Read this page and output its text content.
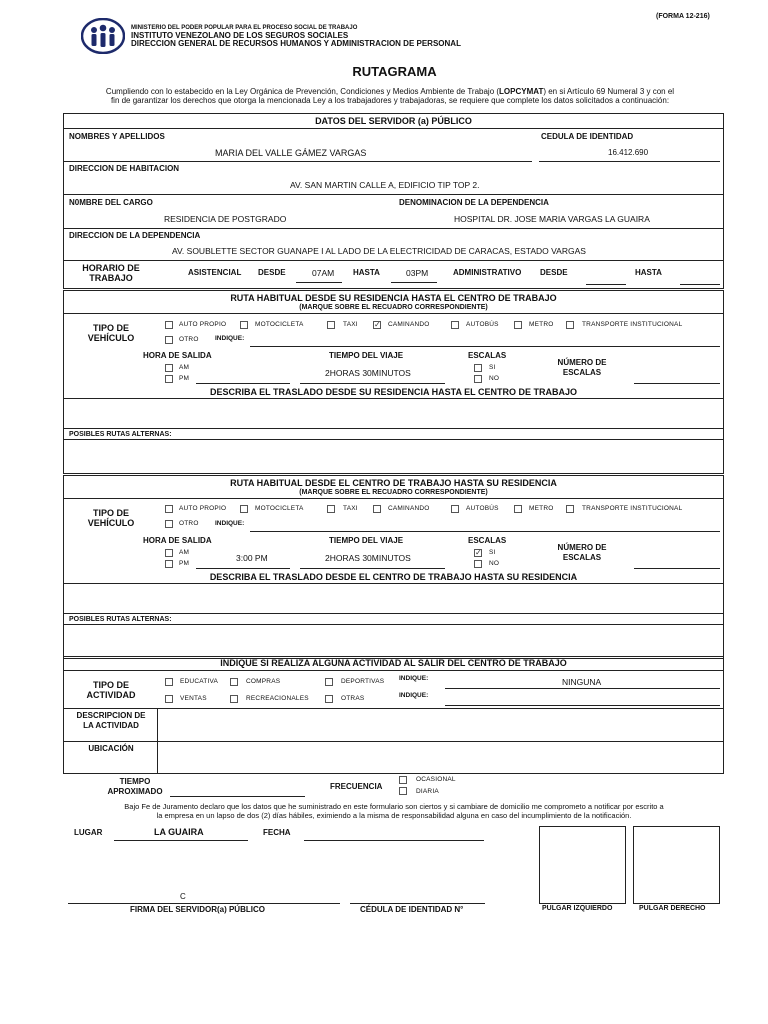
(FORMA 12-216)
MINISTERIO DEL PODER POPULAR PARA EL PROCESO SOCIAL DE TRABAJO
INSTITUTO VENEZOLANO DE LOS SEGUROS SOCIALES
DIRECCION GENERAL DE RECURSOS HUMANOS Y ADMINISTRACION DE PERSONAL
RUTAGRAMA
Cumpliendo con lo estabecido en la Ley Orgánica de Prevención, Condiciones y Medios Ambiente de Trabajo (LOPCYMAT) en si Artículo 69 Numeral 3 y con el
fin de garantizar los derechos que otorga la mencionada Ley a los trabajadores y trabajadoras, se requiere que complete los datos solicitados a continuación:
DATOS DEL SERVIDOR (a) PÚBLICO
NOMBRES Y APELLIDOS	CEDULA DE IDENTIDAD
MARIA DEL VALLE GÁMEZ VARGAS	16.412.690
DIRECCION DE HABITACION
AV. SAN MARTIN CALLE A, EDIFICIO TIP TOP 2.
N0MBRE DEL CARGO	DENOMINACION DE LA DEPENDENCIA
RESIDENCIA DE POSTGRADO	HOSPITAL DR. JOSE MARIA VARGAS LA GUAIRA
DIRECCION DE LA DEPENDENCIA
AV. SOUBLETTE SECTOR GUANAPE I AL LADO DE LA ELECTRICIDAD DE CARACAS, ESTADO VARGAS
HORARIO DE
TRABAJO
ASISTENCIAL DESDE	07AM HASTA	03PM	ADMINISTRATIVO DESDE	HASTA
RUTA HABITUAL DESDE SU RESIDENCIA HASTA EL CENTRO DE TRABAJO
(MARQUE SOBRE EL RECUADRO CORRESPONDIENTE)
TIPO DE
VEHÍCULO
AUTO PROPIO	MOTOCICLETA	TAXI ✓ CAMINANDO	AUTOBÚS	METRO	TRANSPORTE INSTITUCIONAL
OTRO	INDIQUE:
HORA DE SALIDA	TIEMPO DEL VIAJE	ESCALAS
NÚMERO DE
ESCALAS
AM
PM
2HORAS 30MINUTOS
SI
NO
DESCRIBA EL TRASLADO DESDE SU RESIDENCIA HASTA EL CENTRO DE TRABAJO
POSIBLES RUTAS ALTERNAS:
RUTA HABITUAL DESDE EL CENTRO DE TRABAJO HASTA SU RESIDENCIA
(MARQUE SOBRE EL RECUADRO CORRESPONDIENTE)
TIPO DE
VEHÍCULO
AUTO PROPIO	MOTOCICLETA	TAXI	CAMINANDO	AUTOBÚS	METRO	TRANSPORTE INSTITUCIONAL
OTRO	INDIQUE:
HORA DE SALIDA	TIEMPO DEL VIAJE	ESCALAS
NÚMERO DE
ESCALAS
AM
PM
3:00 PM	2HORAS 30MINUTOS
✓ SI
NO
DESCRIBA EL TRASLADO DESDE EL CENTRO DE TRABAJO HASTA SU RESIDENCIA
POSIBLES RUTAS ALTERNAS:
INDIQUE SI REALIZA ALGUNA ACTIVIDAD AL SALIR DEL CENTRO DE TRABAJO
TIPO DE
ACTIVIDAD
EDUCATIVA	COMPRAS	DEPORTIVAS INDIQUE:	NINGUNA
VENTAS	RECREACIONALES	OTRAS	INDIQUE:
DESCRIPCION DE
LA ACTIVIDAD
UBICACIÓN
TIEMPO
APROXIMADO
FRECUENCIA
OCASIONAL
DIARIA
Bajo Fe de Juramento declaro que los datos que he suministrado en este formulario son ciertos y si cambiare de domicilio me comprometo a notificar por escrito a
la empresa en un lapso de dos (2) días hábiles, eximiendo a la misma de responsabilidad alguna en caso del incumplimiento de la notificación.
LUGAR	LA GUAIRA	FECHA
C
FIRMA DEL SERVIDOR(a) PÚBLICO	CÉDULA DE IDENTIDAD N°	PULGAR IZQUIERDO	PULGAR DERECHO
